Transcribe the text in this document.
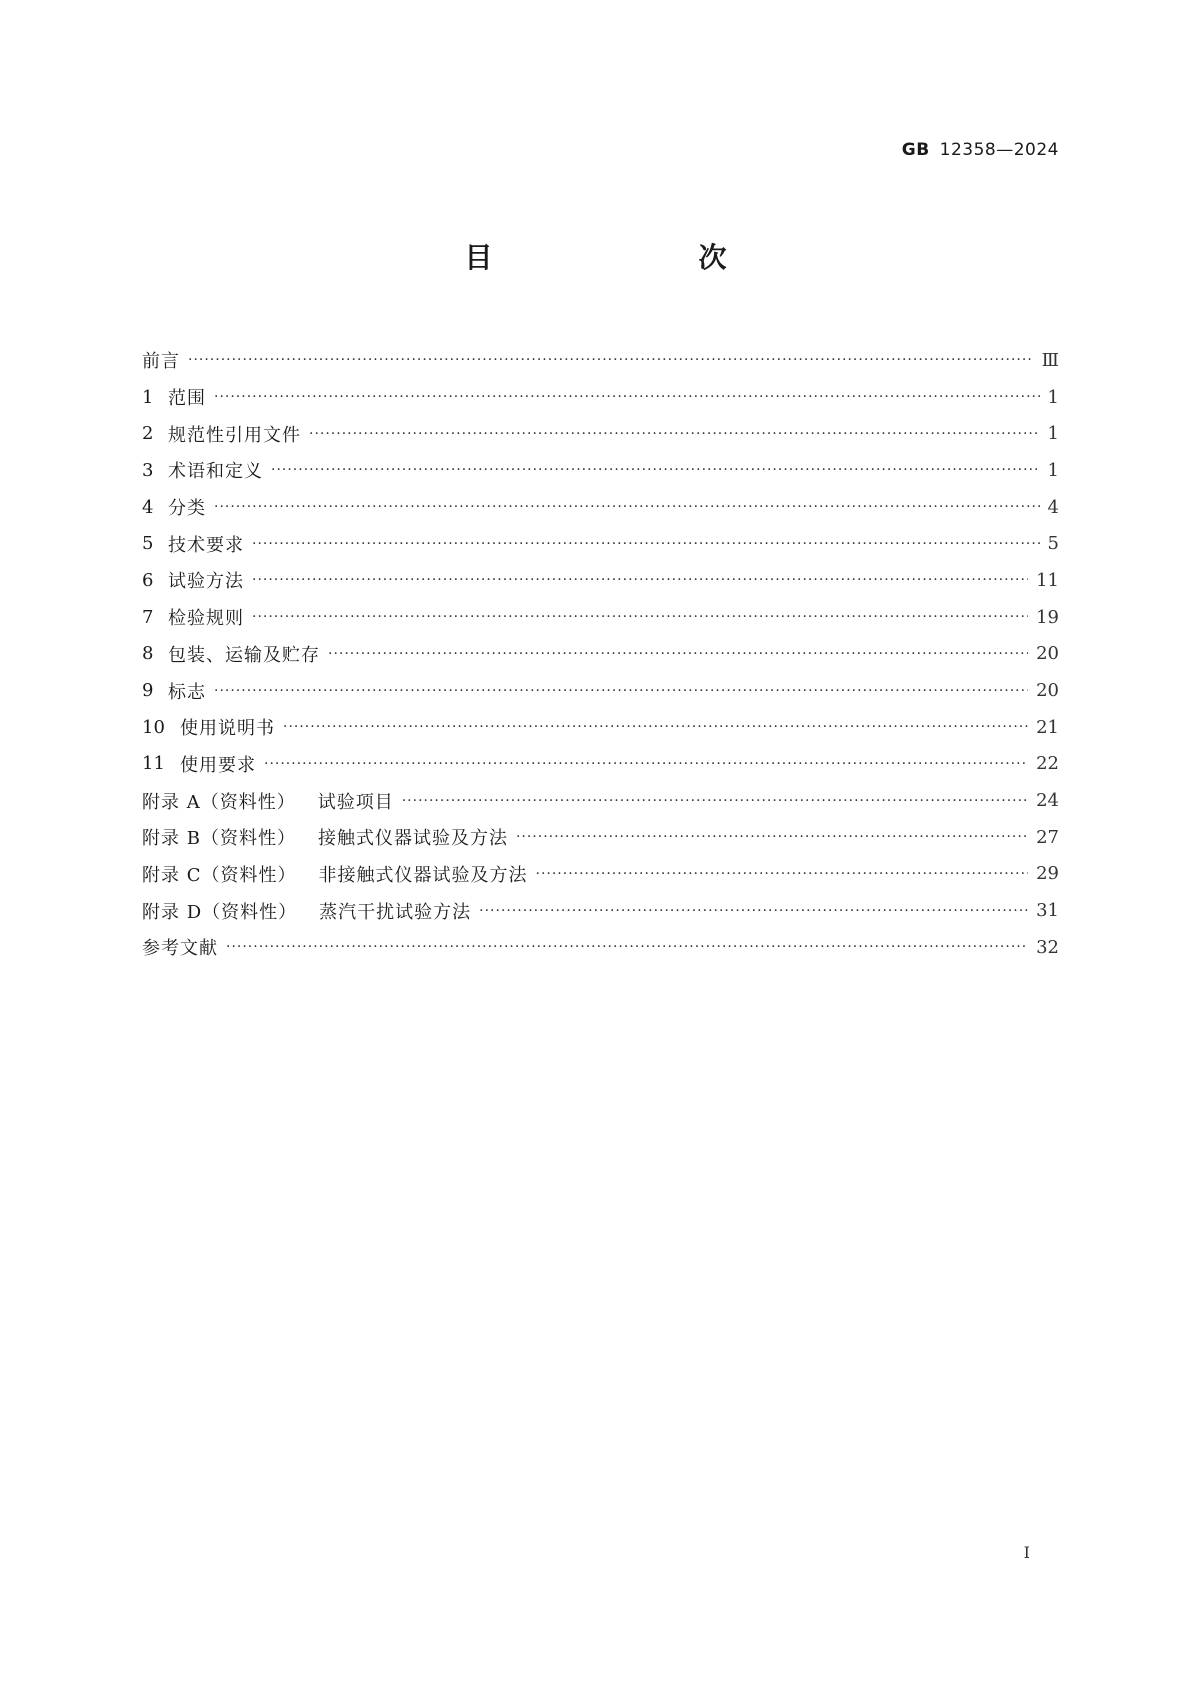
GB 12358—2024
目　　次
前言 ·····	Ⅲ
1 范围 ·····	1
2 规范性引用文件 ·····	1
3 术语和定义 ·····	1
4 分类 ·····	4
5 技术要求 ·····	5
6 试验方法 ·····	11
7 检验规则 ·····	19
8 包装、运输及贮存 ·····	20
9 标志 ·····	20
10 使用说明书 ·····	21
11 使用要求 ·····	22
附录 A（资料性） 试验项目 ·····	24
附录 B（资料性） 接触式仪器试验及方法 ·····	27
附录 C（资料性） 非接触式仪器试验及方法 ·····	29
附录 D（资料性） 蒸汽干扰试验方法 ·····	31
参考文献 ·····	32
I
